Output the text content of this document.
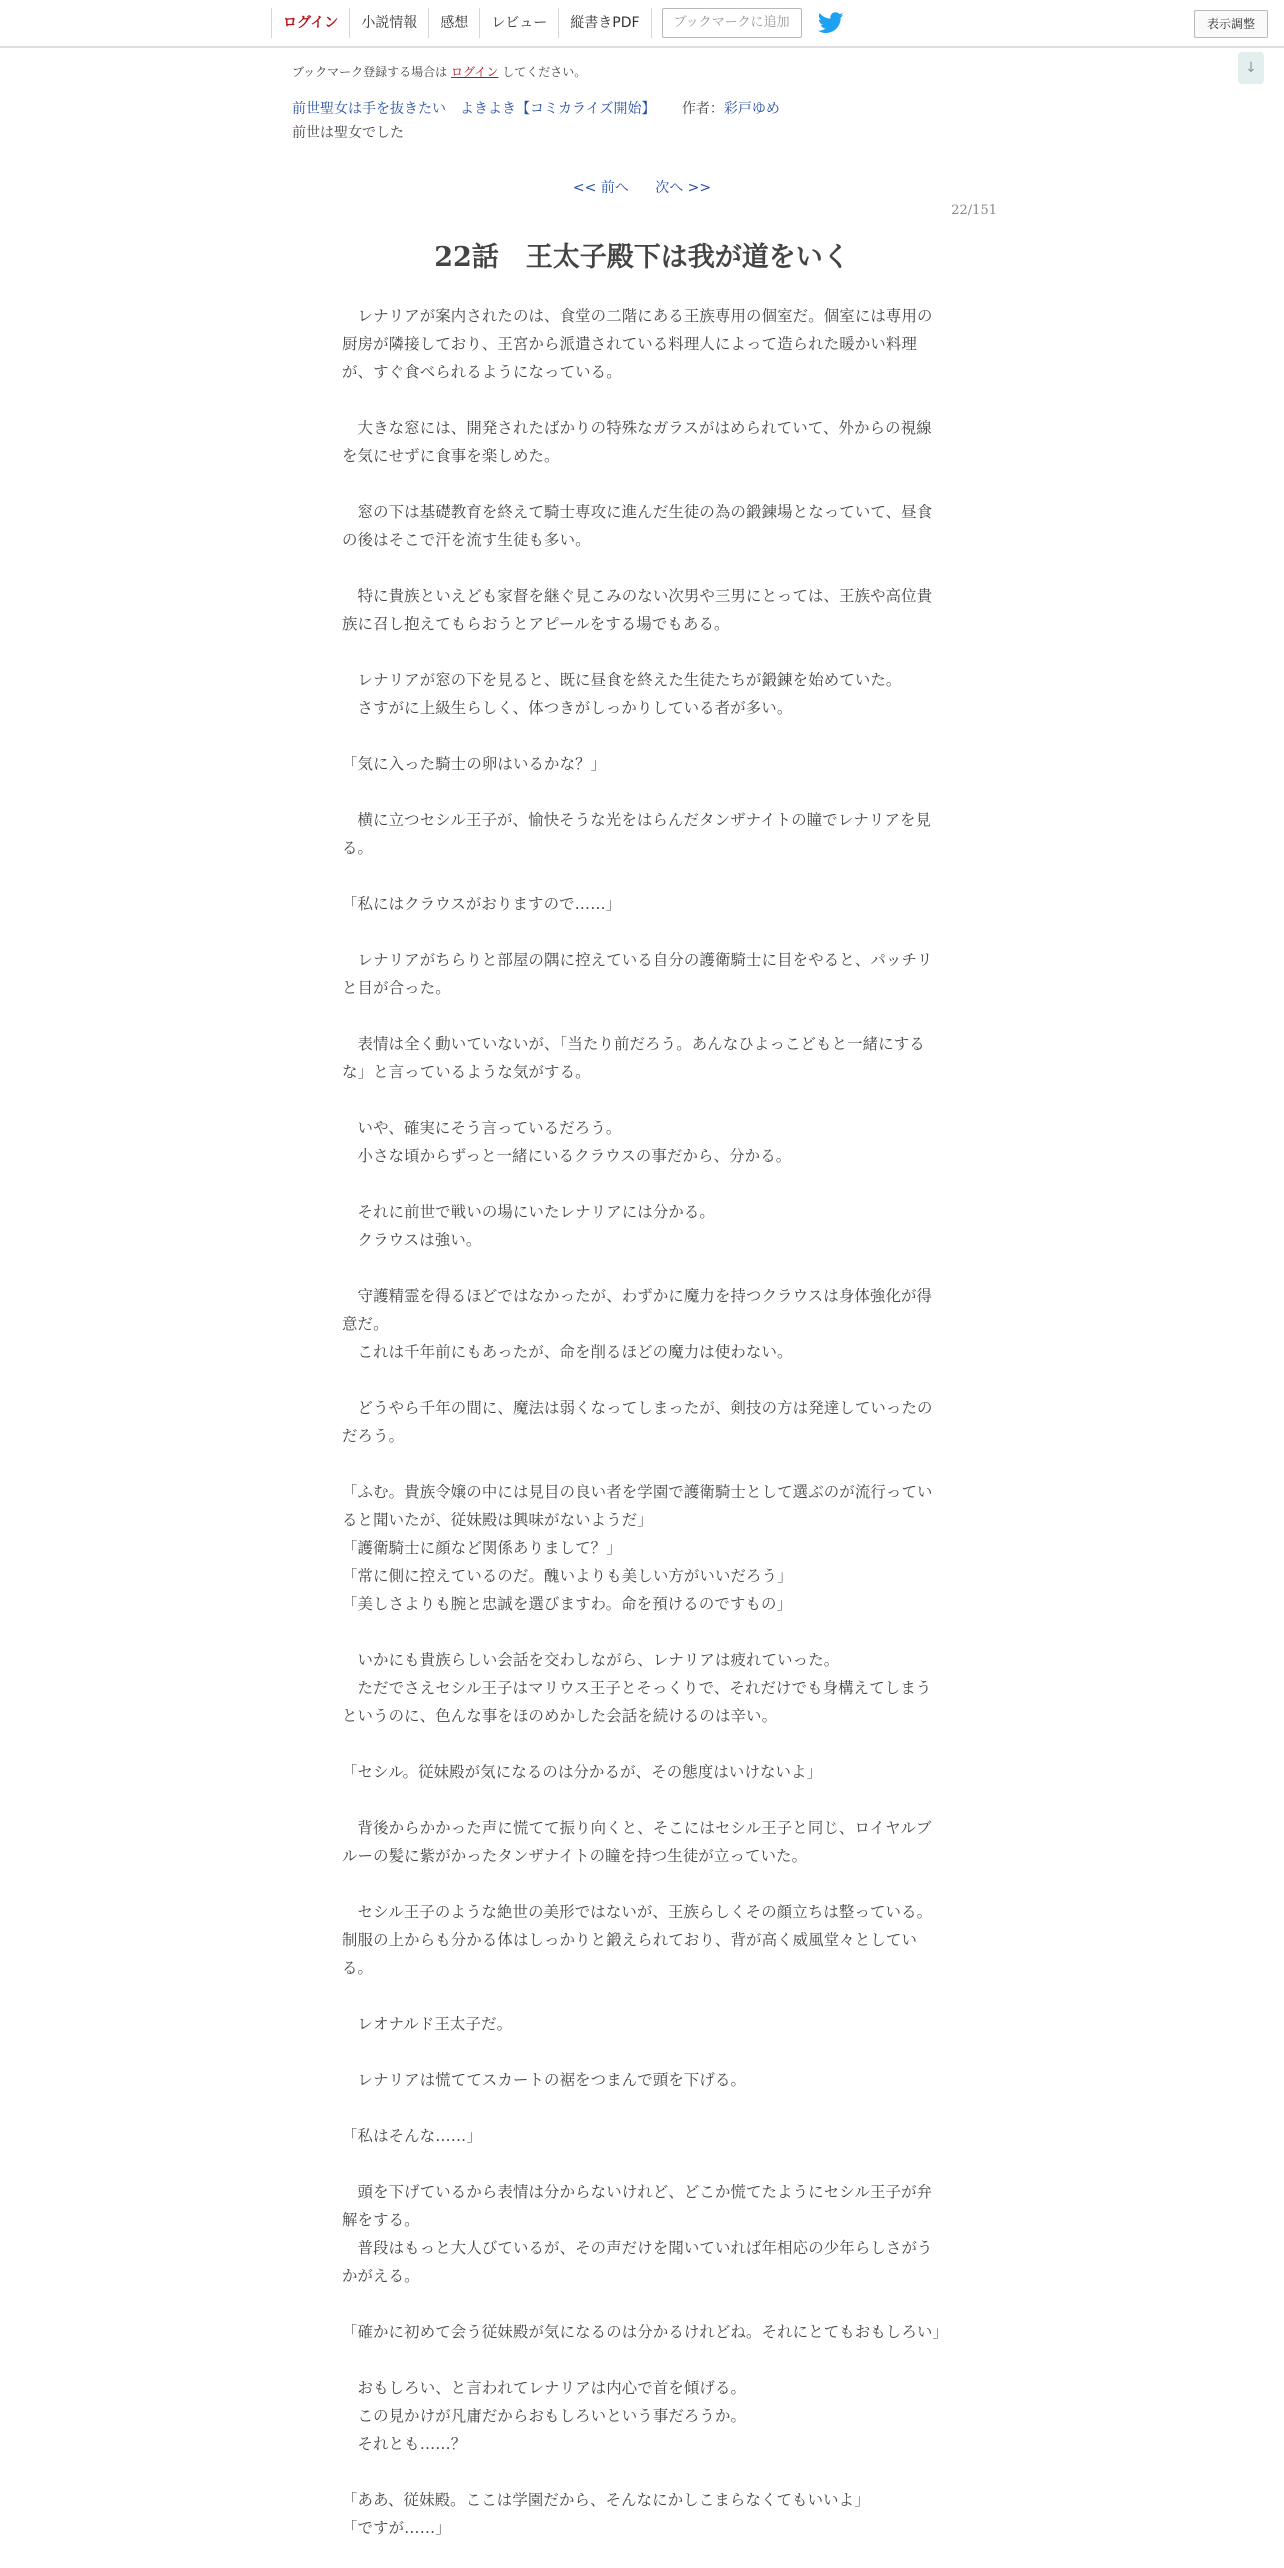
ログイン	小説情報	感想	レビュー	縦書きPDF	ブックマークに追加	表示調整
↓
ブックマーク登録する場合は ログイン してください。
前世聖女は手を抜きたい　よきよき【コミカライズ開始】 作者：彩戸ゆめ
前世は聖女でした
<< 前へ 次へ >>
22/151
22話　王太子殿下は我が道をいく

　レナリアが案内されたのは、食堂の二階にある王族専用の個室だ。個室には専用の厨房が隣接しており、王宮から派遣されている料理人によって造られた暖かい料理が、すぐ食べられるようになっている。

　大きな窓には、開発されたばかりの特殊なガラスがはめられていて、外からの視線を気にせずに食事を楽しめた。

　窓の下は基礎教育を終えて騎士専攻に進んだ生徒の為の鍛錬場となっていて、昼食の後はそこで汗を流す生徒も多い。

　特に貴族といえども家督を継ぐ見こみのない次男や三男にとっては、王族や高位貴族に召し抱えてもらおうとアピールをする場でもある。

　レナリアが窓の下を見ると、既に昼食を終えた生徒たちが鍛錬を始めていた。

　さすがに上級生らしく、体つきがしっかりしている者が多い。

「気に入った騎士の卵はいるかな？」

　横に立つセシル王子が、愉快そうな光をはらんだタンザナイトの瞳でレナリアを見る。

「私にはクラウスがおりますので……」

　レナリアがちらりと部屋の隅に控えている自分の護衛騎士に目をやると、パッチリと目が合った。

　表情は全く動いていないが、「当たり前だろう。あんなひよっこどもと一緒にするな」と言っているような気がする。

　いや、確実にそう言っているだろう。

　小さな頃からずっと一緒にいるクラウスの事だから、分かる。

　それに前世で戦いの場にいたレナリアには分かる。

　クラウスは強い。

　守護精霊を得るほどではなかったが、わずかに魔力を持つクラウスは身体強化が得意だ。

　これは千年前にもあったが、命を削るほどの魔力は使わない。

　どうやら千年の間に、魔法は弱くなってしまったが、剣技の方は発達していったのだろう。

「ふむ。貴族令嬢の中には見目の良い者を学園で護衛騎士として選ぶのが流行っていると聞いたが、従妹殿は興味がないようだ」

「護衛騎士に顔など関係ありまして？」

「常に側に控えているのだ。醜いよりも美しい方がいいだろう」

「美しさよりも腕と忠誠を選びますわ。命を預けるのですもの」

　いかにも貴族らしい会話を交わしながら、レナリアは疲れていった。

　ただでさえセシル王子はマリウス王子とそっくりで、それだけでも身構えてしまうというのに、色んな事をほのめかした会話を続けるのは辛い。

「セシル。従妹殿が気になるのは分かるが、その態度はいけないよ」

　背後からかかった声に慌てて振り向くと、そこにはセシル王子と同じ、ロイヤルブルーの髪に紫がかったタンザナイトの瞳を持つ生徒が立っていた。

　セシル王子のような絶世の美形ではないが、王族らしくその顔立ちは整っている。制服の上からも分かる体はしっかりと鍛えられており、背が高く威風堂々としている。

　レオナルド王太子だ。

　レナリアは慌ててスカートの裾をつまんで頭を下げる。

「私はそんな……」

　頭を下げているから表情は分からないけれど、どこか慌てたようにセシル王子が弁解をする。

　普段はもっと大人びているが、その声だけを聞いていれば年相応の少年らしさがうかがえる。

「確かに初めて会う従妹殿が気になるのは分かるけれどね。それにとてもおもしろい」

　おもしろい、と言われてレナリアは内心で首を傾げる。

　この見かけが凡庸だからおもしろいという事だろうか。

　それとも……？

「ああ、従妹殿。ここは学園だから、そんなにかしこまらなくてもいいよ」

「ですが……」
